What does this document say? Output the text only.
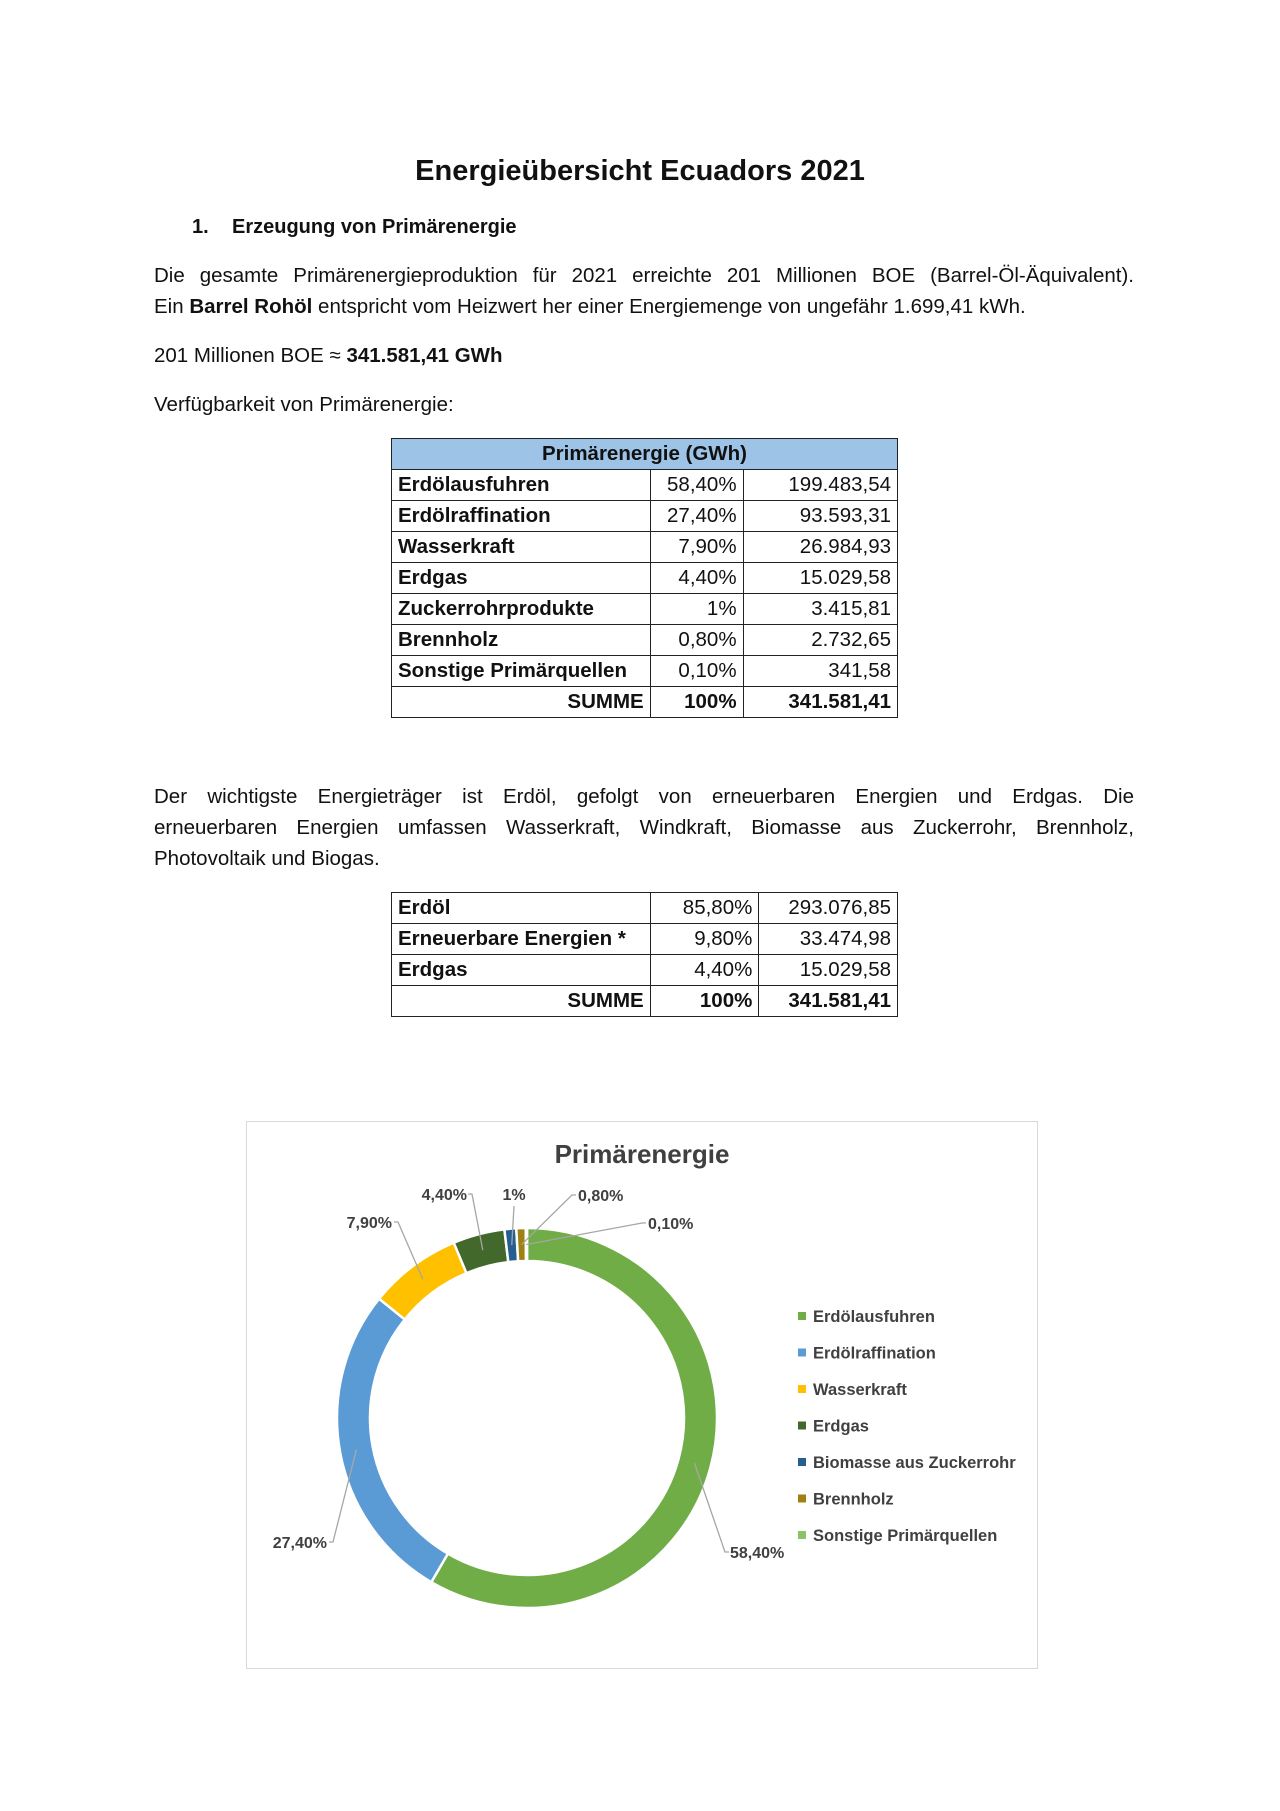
Energieübersicht Ecuadors 2021
1. Erzeugung von Primärenergie
Die gesamte Primärenergieproduktion für 2021 erreichte 201 Millionen BOE (Barrel-Öl-Äquivalent).
Ein Barrel Rohöl entspricht vom Heizwert her einer Energiemenge von ungefähr 1.699,41 kWh.
201 Millionen BOE ≈ 341.581,41 GWh
Verfügbarkeit von Primärenergie:
Primärenergie (GWh)		
Erdölausfuhren	58,40%	199.483,54
Erdölraffination	27,40%	93.593,31
Wasserkraft	7,90%	26.984,93
Erdgas	4,40%	15.029,58
Zuckerrohrprodukte	1%	3.415,81
Brennholz	0,80%	2.732,65
Sonstige Primärquellen	0,10%	341,58
SUMME	100%	341.581,41
Der wichtigste Energieträger ist Erdöl, gefolgt von erneuerbaren Energien und Erdgas. Die
erneuerbaren Energien umfassen Wasserkraft, Windkraft, Biomasse aus Zuckerrohr, Brennholz,
Photovoltaik und Biogas.
Erdöl	85,80%	293.076,85
Erneuerbare Energien *	9,80%	33.474,98
Erdgas	4,40%	15.029,58
SUMME	100%	341.581,41
Primärenergie
58,40%
27,40%
7,90%
4,40% 1%	0,80%
0,10%
Erdölausfuhren
Erdölraffination
Wasserkraft
Erdgas
Biomasse aus Zuckerrohr
Brennholz
Sonstige Primärquellen
